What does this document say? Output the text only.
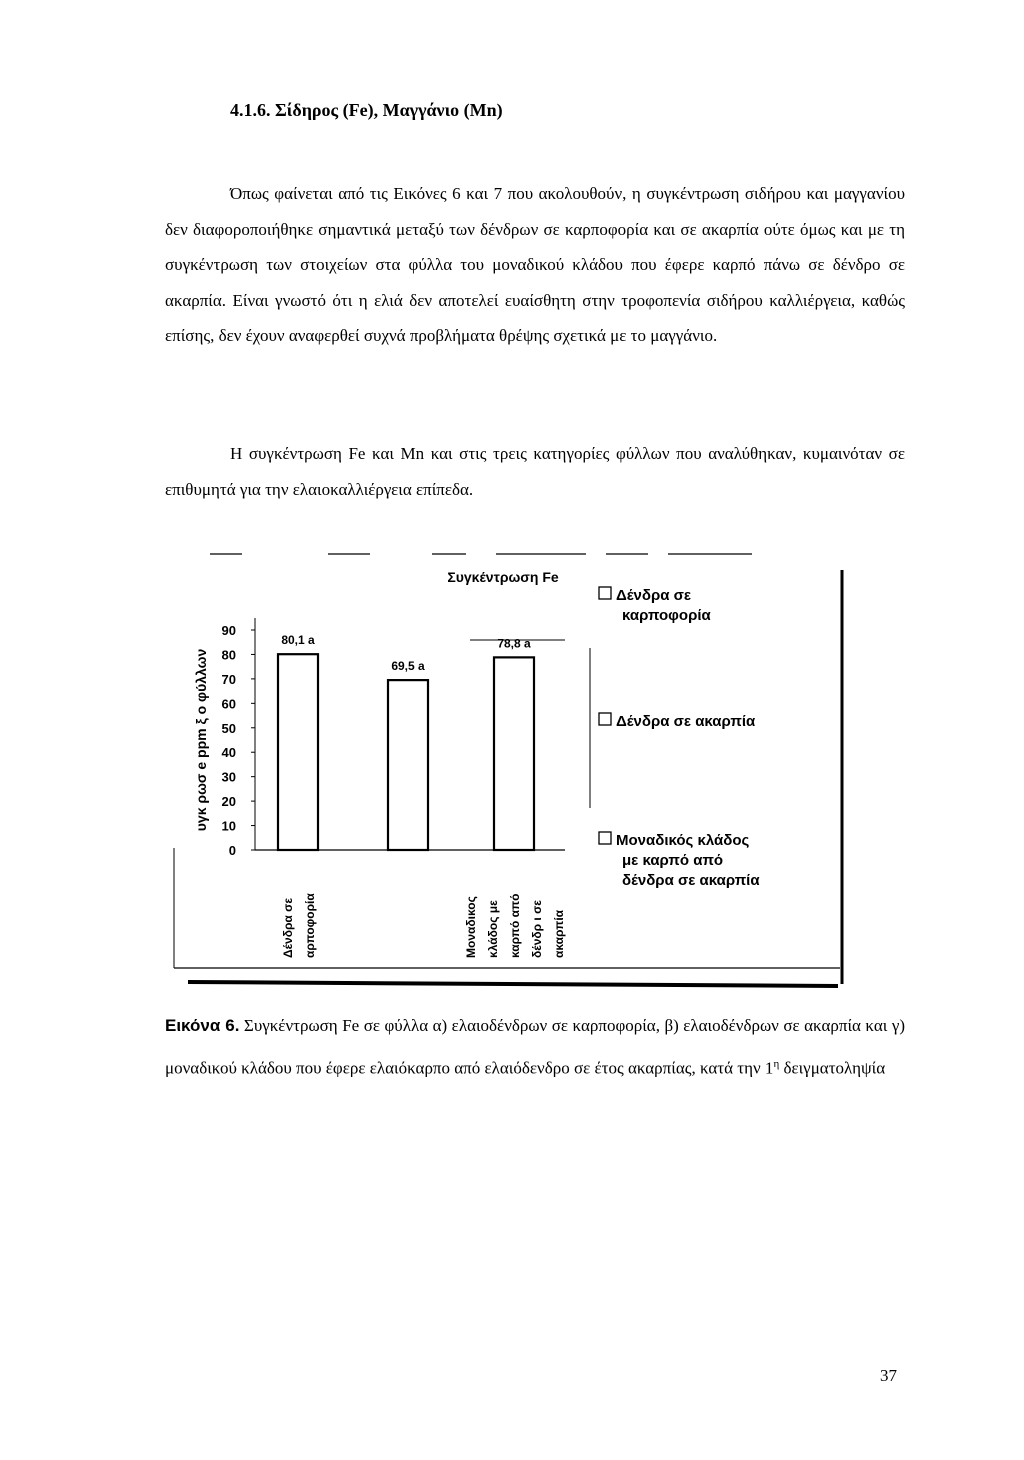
4.1.6. Σίδηρος (Fe), Μαγγάνιο (Mn)

Όπως φαίνεται από τις Εικόνες 6 και 7 που ακολουθούν, η συγκέντρωση σιδήρου και μαγγανίου δεν διαφοροποιήθηκε σημαντικά μεταξύ των δένδρων σε καρποφορία και σε ακαρπία ούτε όμως και με τη συγκέντρωση των στοιχείων στα φύλλα του μοναδικού κλάδου που έφερε καρπό πάνω σε δένδρο σε ακαρπία. Είναι γνωστό ότι η ελιά δεν αποτελεί ευαίσθητη στην τροφοπενία σιδήρου καλλιέργεια, καθώς επίσης, δεν έχουν αναφερθεί συχνά προβλήματα θρέψης σχετικά με το μαγγάνιο.

Η συγκέντρωση Fe και Mn και στις τρεις κατηγορίες φύλλων που αναλύθηκαν, κυμαινόταν σε επιθυμητά για την ελαιοκαλλιέργεια επίπεδα.

0
10
20
30
40
50
60
70
80
90
80,1 a
69,5 a
78,8 a
Δένδρα σε αρποφορία	Μοναδικος κλάδος με καρπό από δένδρ ι σε ακαρπία
Συγκέντρωση Fe
υγκ ρωσ e ppm ξ ο φύλλων
Δένδρα σε καρποφορία
Δένδρα σε ακαρπία
Μοναδικός κλάδος με καρπό από δένδρα σε ακαρπία

Εικόνα 6. Συγκέντρωση Fe σε φύλλα α) ελαιοδένδρων σε καρποφορία, β) ελαιοδένδρων σε ακαρπία και γ) μοναδικού κλάδου που έφερε ελαιόκαρπο από ελαιόδενδρο σε έτος ακαρπίας, κατά την $1^\eta$ δειγματοληψία

37
